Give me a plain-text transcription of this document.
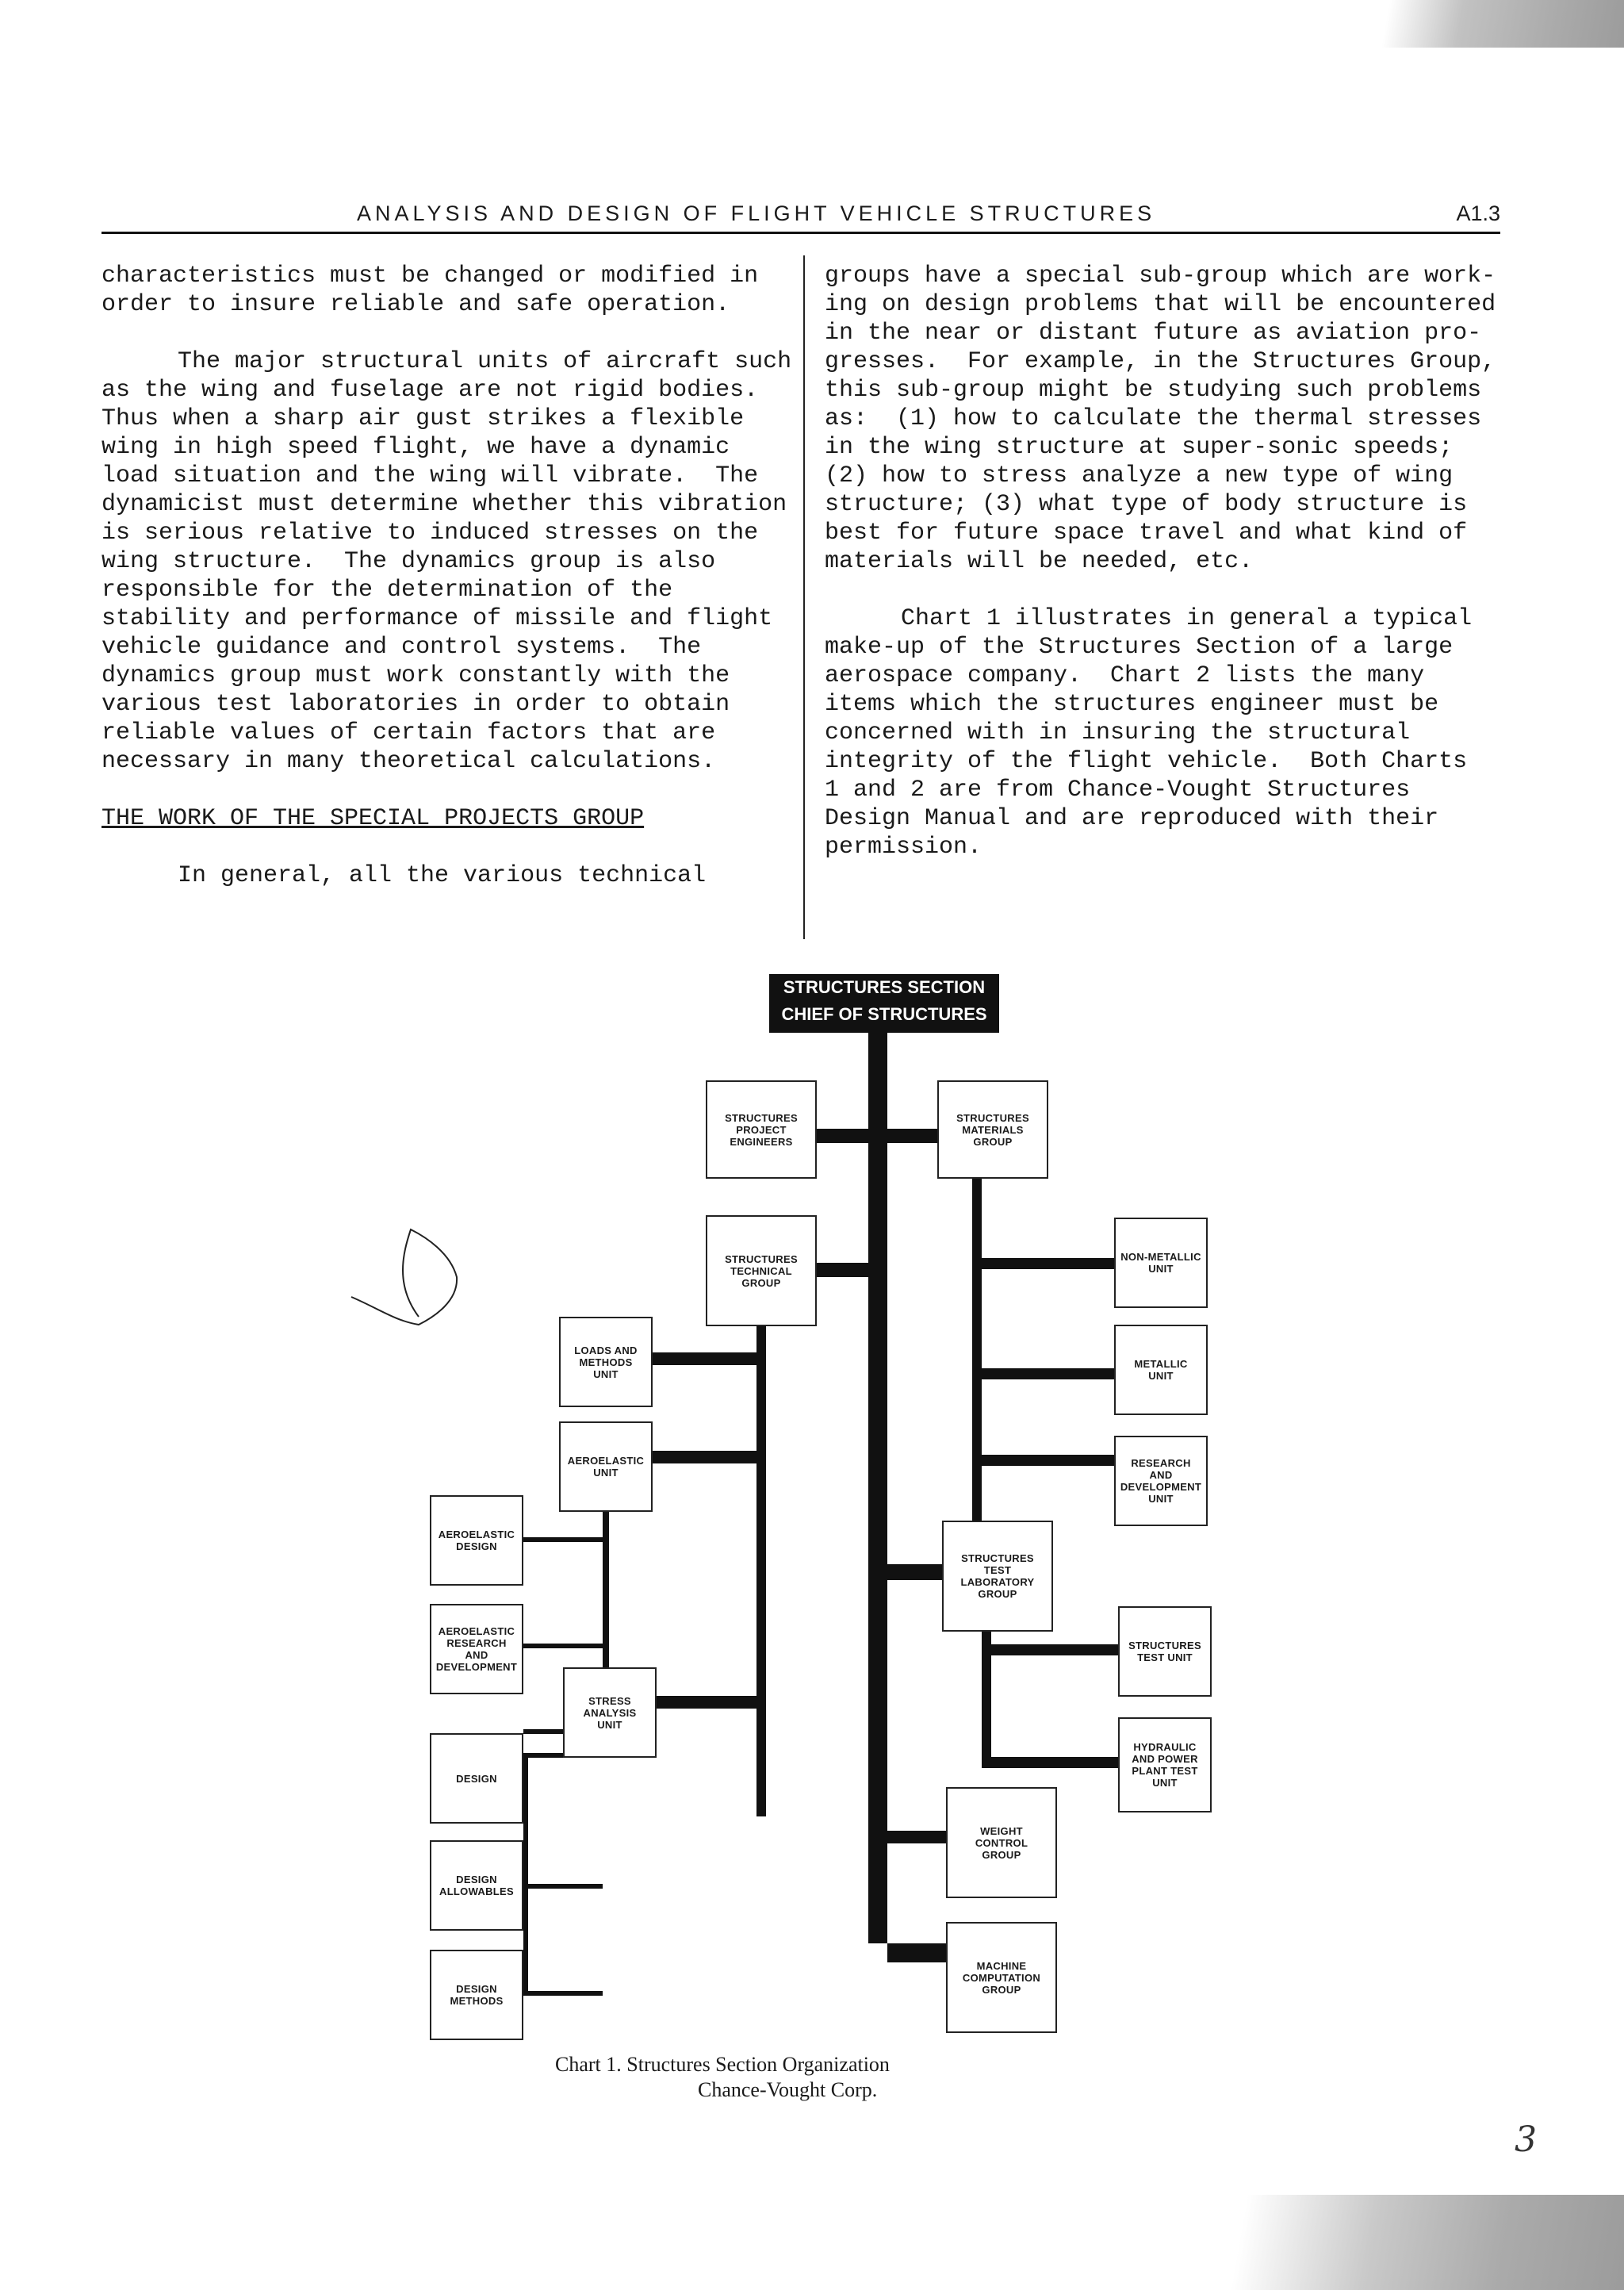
ANALYSIS AND DESIGN OF FLIGHT VEHICLE STRUCTURES	A1.3

characteristics must be changed or modified in
order to insure reliable and safe operation.

The major structural units of aircraft such
as the wing and fuselage are not rigid bodies.
Thus when a sharp air gust strikes a flexible
wing in high speed flight, we have a dynamic
load situation and the wing will vibrate.  The
dynamicist must determine whether this vibration
is serious relative to induced stresses on the
wing structure.  The dynamics group is also
responsible for the determination of the
stability and performance of missile and flight
vehicle guidance and control systems.  The
dynamics group must work constantly with the
various test laboratories in order to obtain
reliable values of certain factors that are
necessary in many theoretical calculations.

THE WORK OF THE SPECIAL PROJECTS GROUP

In general, all the various technical

groups have a special sub-group which are work-
ing on design problems that will be encountered
in the near or distant future as aviation pro-
gresses.  For example, in the Structures Group,
this sub-group might be studying such problems
as:  (1) how to calculate the thermal stresses
in the wing structure at super-sonic speeds;
(2) how to stress analyze a new type of wing
structure; (3) what type of body structure is
best for future space travel and what kind of
materials will be needed, etc.

Chart 1 illustrates in general a typical
make-up of the Structures Section of a large
aerospace company.  Chart 2 lists the many
items which the structures engineer must be
concerned with in insuring the structural
integrity of the flight vehicle.  Both Charts
1 and 2 are from Chance-Vought Structures
Design Manual and are reproduced with their
permission.

STRUCTURES SECTION
CHIEF OF STRUCTURES
STRUCTURES
PROJECT
ENGINEERS
STRUCTURES
MATERIALS
GROUP
STRUCTURES
TECHNICAL
GROUP
NON-METALLIC
UNIT
METALLIC
UNIT
RESEARCH
AND
DEVELOPMENT
UNIT
LOADS AND
METHODS
UNIT
AEROELASTIC
UNIT
AEROELASTIC
DESIGN
AEROELASTIC
RESEARCH
AND
DEVELOPMENT
STRESS
ANALYSIS
UNIT
DESIGN
DESIGN
ALLOWABLES
DESIGN
METHODS
STRUCTURES
TEST
LABORATORY
GROUP
STRUCTURES
TEST UNIT
HYDRAULIC
AND POWER
PLANT TEST
UNIT
WEIGHT
CONTROL
GROUP
MACHINE
COMPUTATION
GROUP
Chart 1. Structures Section Organization
Chance-Vought Corp.
3
